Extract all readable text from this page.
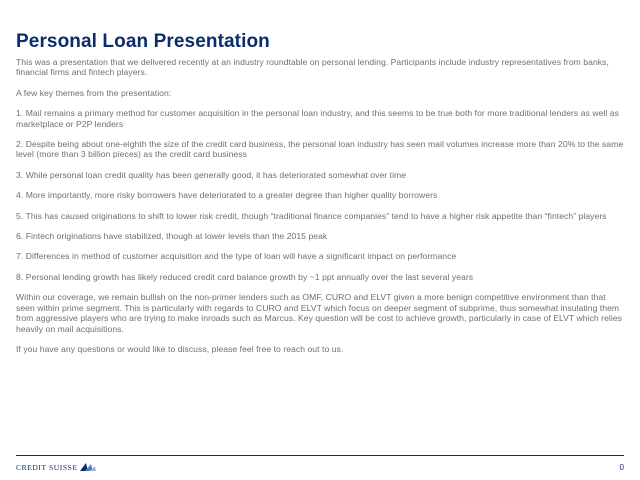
Personal Loan Presentation

This was a presentation that we delivered recently at an industry roundtable on personal lending. Participants include industry representatives from banks, financial firms and fintech players.

A few key themes from the presentation:

1. Mail remains a primary method for customer acquisition in the personal loan industry, and this seems to be true both for more traditional lenders as well as marketplace or P2P lenders

2. Despite being about one-eighth the size of the credit card business, the personal loan industry has seen mail volumes increase more than 20% to the same level (more than 3 billion pieces) as the credit card business

3. While personal loan credit quality has been generally good, it has deteriorated somewhat over time

4. More importantly, more risky borrowers have deteriorated to a greater degree than higher quality borrowers

5. This has caused originations to shift to lower risk credit, though “traditional finance companies” tend to have a higher risk appetite than “fintech” players

6. Fintech originations have stabilized, though at lower levels than the 2015 peak

7. Differences in method of customer acquisition and the type of loan will have a significant impact on performance

8. Personal lending growth has likely reduced credit card balance growth by ~1 ppt annually over the last several years

Within our coverage, we remain bullish on the non-primer lenders such as OMF, CURO and ELVT given a more benign competitive environment than that seen within prime segment. This is particularly with regards to CURO and ELVT which focus on deeper segment of subprime, thus somewhat insulating them from aggressive players who are trying to make inroads such as Marcus. Key question will be cost to achieve growth, particularly in case of ELVT which relies heavily on mail acquisitions.

If you have any questions or would like to discuss, please feel free to reach out to us.

CREDIT SUISSE	0
